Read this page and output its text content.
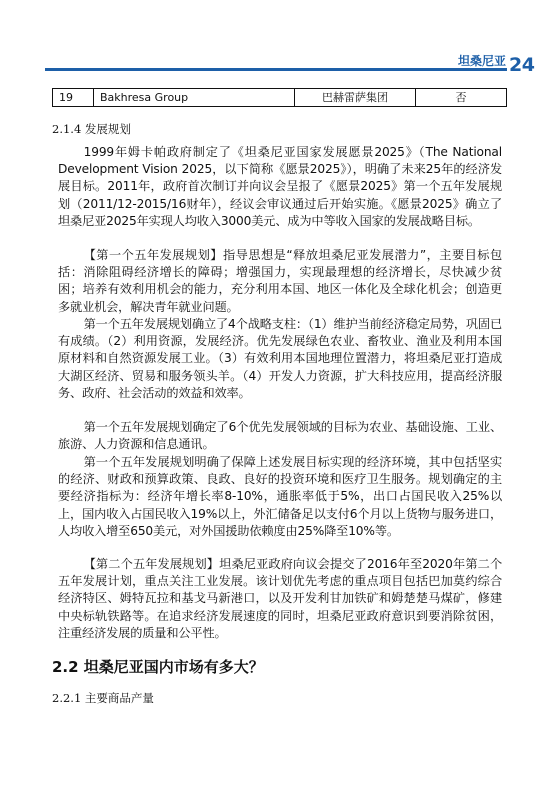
坦桑尼亚 24
19	Bakhresa Group	巴赫雷萨集团	否
2.1.4 发展规划

1999年姆卡帕政府制定了《坦桑尼亚国家发展愿景2025》（The National Development Vision 2025，以下简称《愿景2025》），明确了未来25年的经济发展目标。2011年，政府首次制订并向议会呈报了《愿景2025》第一个五年发展规划（2011/12-2015/16财年），经议会审议通过后开始实施。《愿景2025》确立了坦桑尼亚2025年实现人均收入3000美元、成为中等收入国家的发展战略目标。

【第一个五年发展规划】指导思想是“释放坦桑尼亚发展潜力”，主要目标包括：消除阻碍经济增长的障碍；增强国力，实现最理想的经济增长，尽快减少贫困；培养有效利用机会的能力，充分利用本国、地区一体化及全球化机会；创造更多就业机会，解决青年就业问题。

第一个五年发展规划确立了4个战略支柱：（1）维护当前经济稳定局势，巩固已有成绩。（2）利用资源，发展经济。优先发展绿色农业、畜牧业、渔业及利用本国原材料和自然资源发展工业。（3）有效利用本国地理位置潜力，将坦桑尼亚打造成大湖区经济、贸易和服务领头羊。（4）开发人力资源，扩大科技应用，提高经济服务、政府、社会活动的效益和效率。

第一个五年发展规划确定了6个优先发展领域的目标为农业、基础设施、工业、旅游、人力资源和信息通讯。

第一个五年发展规划明确了保障上述发展目标实现的经济环境，其中包括坚实的经济、财政和预算政策、良政、良好的投资环境和医疗卫生服务。规划确定的主要经济指标为：经济年增长率8-10%，通胀率低于5%，出口占国民收入25%以上，国内收入占国民收入19%以上，外汇储备足以支付6个月以上货物与服务进口，人均收入增至650美元，对外国援助依赖度由25%降至10%等。

【第二个五年发展规划】坦桑尼亚政府向议会提交了2016年至2020年第二个五年发展计划，重点关注工业发展。该计划优先考虑的重点项目包括巴加莫约综合经济特区、姆特瓦拉和基戈马新港口，以及开发利甘加铁矿和姆楚楚马煤矿，修建中央标轨铁路等。在追求经济发展速度的同时，坦桑尼亚政府意识到要消除贫困，注重经济发展的质量和公平性。

2.2 坦桑尼亚国内市场有多大？
2.2.1 主要商品产量
